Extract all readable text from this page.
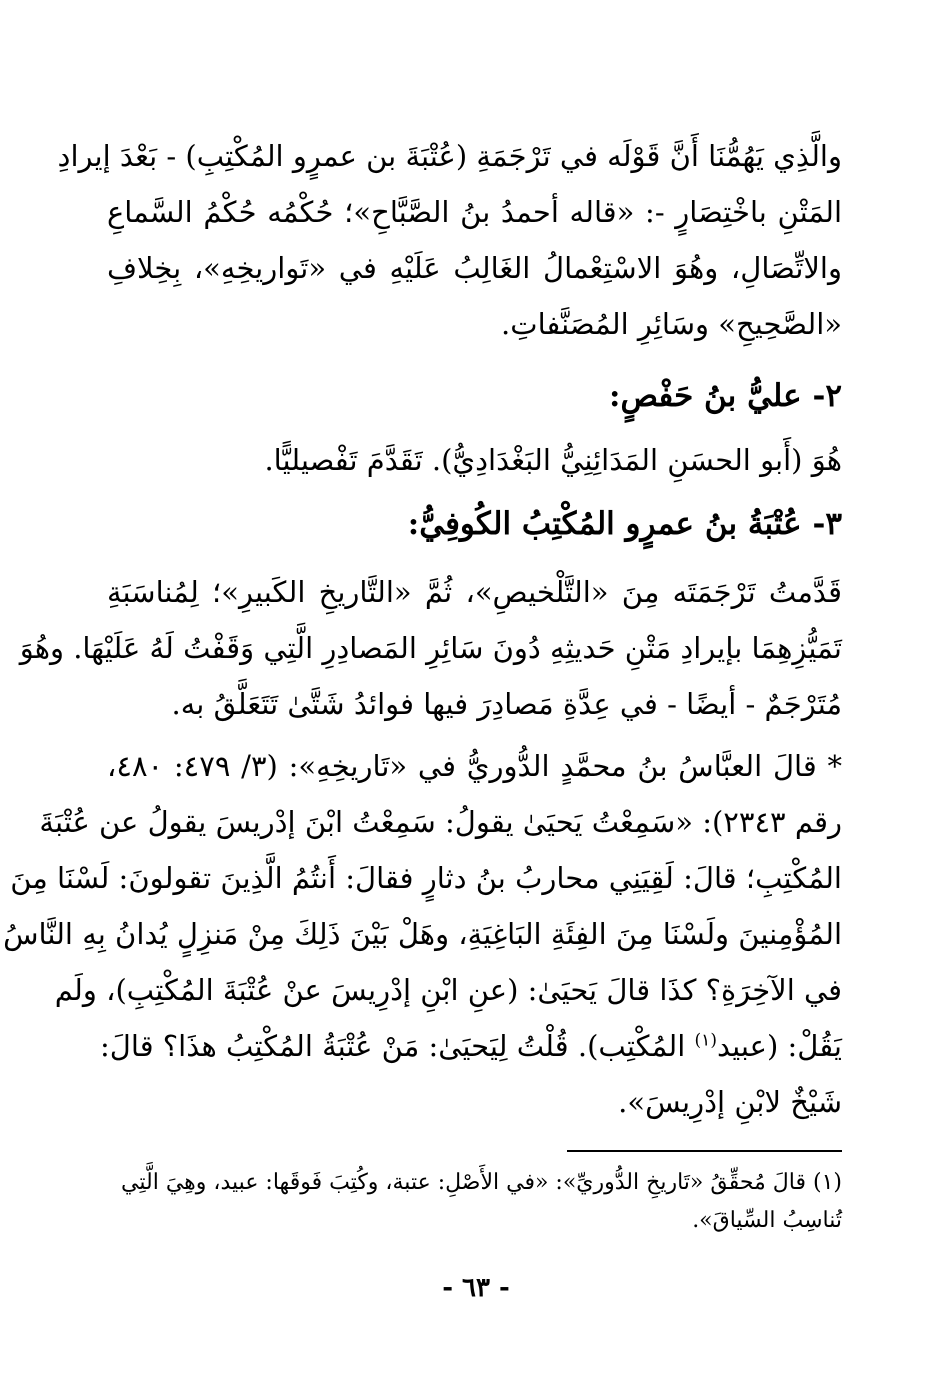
والَّذِي يَهُمُّنَا أَنَّ قَوْلَه في تَرْجَمَةِ (عُتْبَةَ بن عمرٍو المُكْتِبِ) - بَعْدَ إيرادِ
المَتْنِ باخْتِصَارٍ -: «قاله أحمدُ بنُ الصَّبَّاحِ»؛ حُكْمُه حُكْمُ السَّماعِ
والاتِّصَالِ، وهُوَ الاسْتِعْمالُ الغَالِبُ عَلَيْهِ في «تَواريخِهِ»، بِخِلافِ
«الصَّحِيحِ» وسَائِرِ المُصَنَّفاتِ.
٢- عليُّ بنُ حَفْصٍ:
هُوَ (أَبو الحسَنِ المَدَائِنِيُّ البَغْدَادِيُّ). تَقَدَّمَ تَفْصيليًّا.
٣- عُتْبَةُ بنُ عمرٍو المُكْتِبُ الكُوفِيُّ:
قَدَّمتُ تَرْجَمَتَه مِنَ «التَّلْخيصِ»، ثُمَّ «التَّاريخِ الكَبيرِ»؛ لِمُناسَبَةِ
تَمَيُّزِهِمَا بإيرادِ مَتْنِ حَديثِهِ دُونَ سَائِرِ المَصادِرِ الَّتِي وَقَفْتُ لَهُ عَلَيْهَا. وهُوَ
مُتَرْجَمٌ - أيضًا - في عِدَّةِ مَصادِرَ فيها فوائدُ شَتَّىٰ تَتَعَلَّقُ به.
* قالَ العبَّاسُ بنُ محمَّدٍ الدُّوريُّ في «تَاريخِهِ»: (٣/ ٤٧٩: ٤٨٠،
رقم ٢٣٤٣): «سَمِعْتُ يَحيَىٰ يقولُ: سَمِعْتُ ابْنَ إدْريسَ يقولُ عن عُتْبَةَ
المُكْتِبِ؛ قالَ: لَقِيَنِي محاربُ بنُ دثارٍ فقالَ: أَنتُمُ الَّذِينَ تقولونَ: لَسْنَا مِنَ
المُؤْمِنينَ ولَسْنَا مِنَ الفِئَةِ البَاغِيَةِ، وهَلْ بَيْنَ ذَلِكَ مِنْ مَنزِلٍ يُدانُ بِهِ النَّاسُ
في الآخِرَةِ؟ كذَا قالَ يَحيَىٰ: (عنِ ابْنِ إدْرِيسَ عنْ عُتْبَةَ المُكْتِبِ)، ولَم
يَقُلْ: (عبيد$^{(١)}$ المُكْتِب). قُلْتُ لِيَحيَىٰ: مَنْ عُتْبَةُ المُكْتِبُ هذَا؟ قالَ:
شَيْخٌ لابْنِ إدْرِيسَ».
(١) قالَ مُحقِّقُ «تَاريخِ الدُّوريِّ»: «في الأَصْلِ: عتبة، وكُتِبَ فَوقَها: عبيد، وهِيَ الَّتِي
تُناسِبُ السِّياقَ».
- ٦٣ -
